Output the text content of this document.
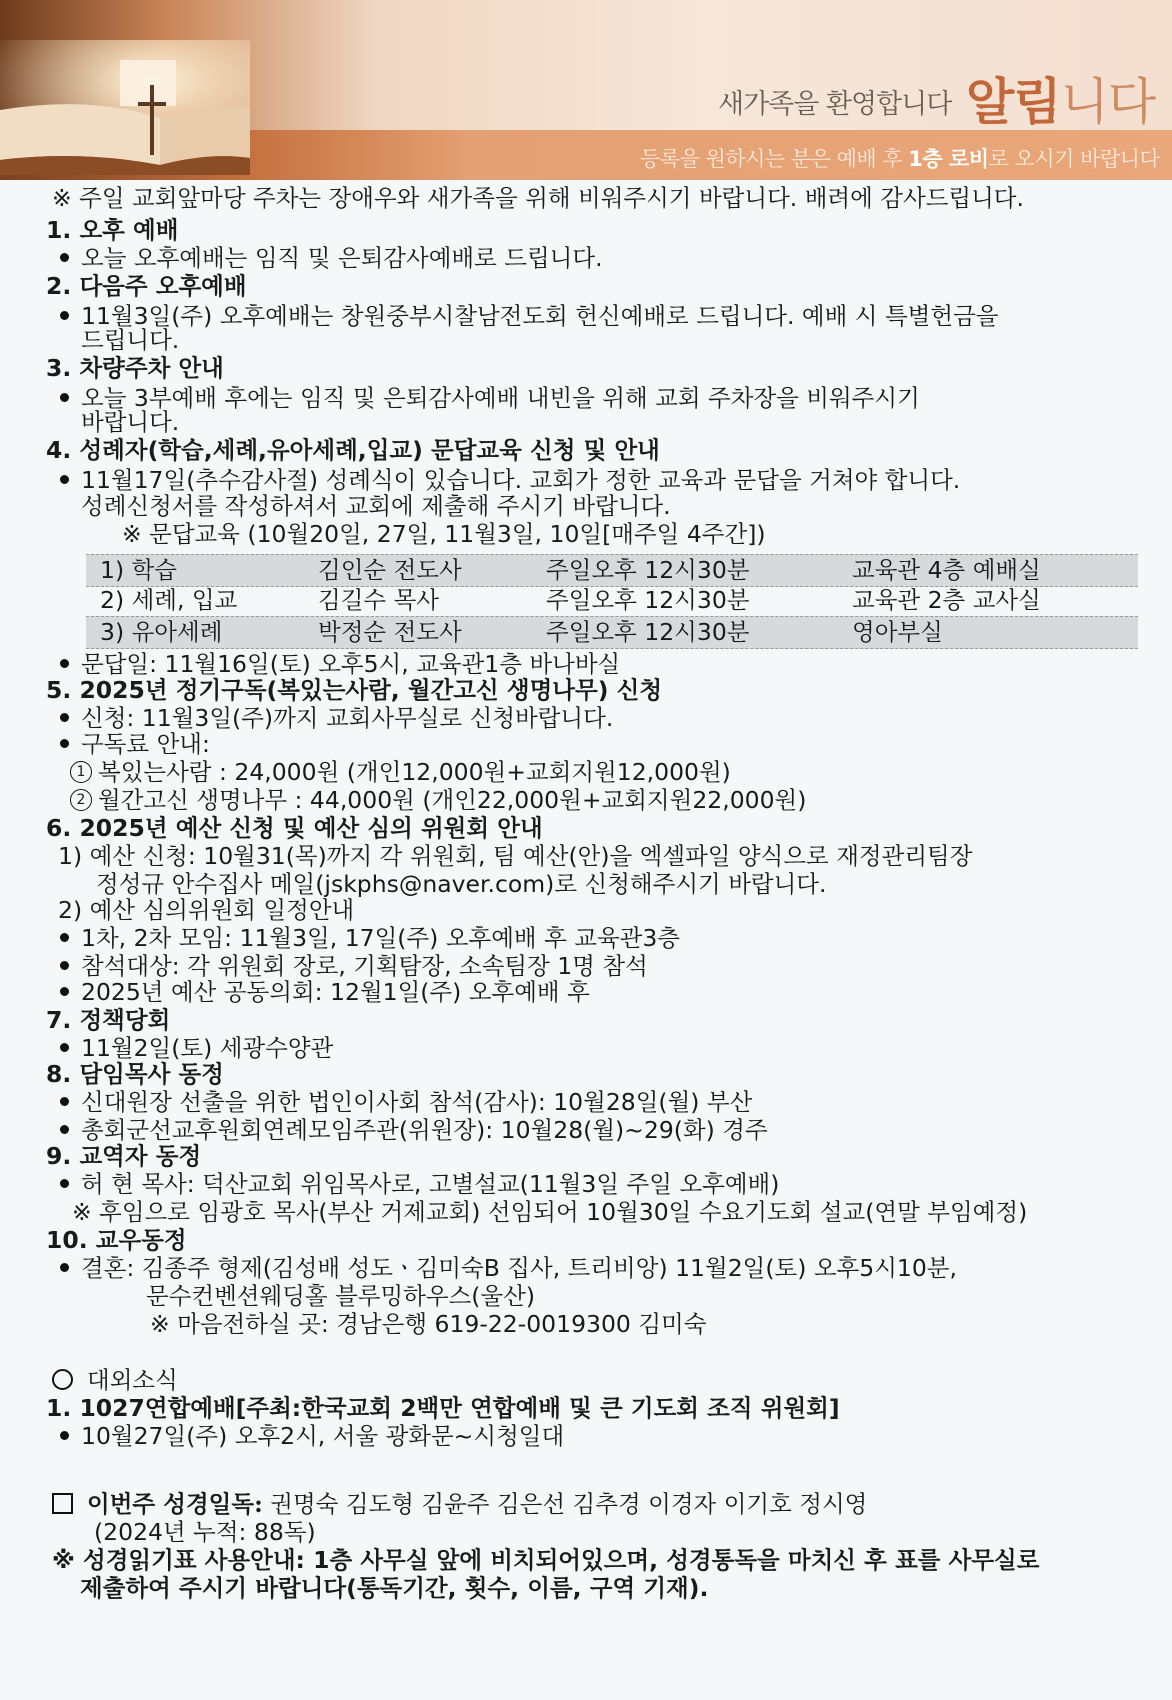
새가족을 환영합니다 알림니다
등록을 원하시는 분은 예배 후 1층 로비로 오시기 바랍니다
※ 주일 교회앞마당 주차는 장애우와 새가족을 위해 비워주시기 바랍니다. 배려에 감사드립니다.
1. 오후 예배
오늘 오후예배는 임직 및 은퇴감사예배로 드립니다.
2. 다음주 오후예배
11월3일(주) 오후예배는 창원중부시찰남전도회 헌신예배로 드립니다. 예배 시 특별헌금을
드립니다.
3. 차량주차 안내
오늘 3부예배 후에는 임직 및 은퇴감사예배 내빈을 위해 교회 주차장을 비워주시기
바랍니다.
4. 성례자(학습,세례,유아세례,입교) 문답교육 신청 및 안내
11월17일(추수감사절) 성례식이 있습니다. 교회가 정한 교육과 문답을 거쳐야 합니다.
성례신청서를 작성하셔서 교회에 제출해 주시기 바랍니다.
※ 문답교육 (10월20일, 27일, 11월3일, 10일[매주일 4주간])
1) 학습	김인순 전도사	주일오후 12시30분	교육관 4층 예배실
2) 세례, 입교	김길수 목사	주일오후 12시30분	교육관 2층 교사실
3) 유아세례	박정순 전도사	주일오후 12시30분	영아부실
문답일: 11월16일(토) 오후5시, 교육관1층 바나바실
5. 2025년 정기구독(복있는사람, 월간고신 생명나무) 신청
신청: 11월3일(주)까지 교회사무실로 신청바랍니다.
구독료 안내:
1 복있는사람 : 24,000원 (개인12,000원+교회지원12,000원)
2 월간고신 생명나무 : 44,000원 (개인22,000원+교회지원22,000원)
6. 2025년 예산 신청 및 예산 심의 위원회 안내
1) 예산 신청: 10월31(목)까지 각 위원회, 팀 예산(안)을 엑셀파일 양식으로 재정관리팀장
정성규 안수집사 메일(jskphs@naver.com)로 신청해주시기 바랍니다.
2) 예산 심의위원회 일정안내
1차, 2차 모임: 11월3일, 17일(주) 오후예배 후 교육관3층
참석대상: 각 위원회 장로, 기획탐장, 소속팀장 1명 참석
2025년 예산 공동의회: 12월1일(주) 오후예배 후
7. 정책당회
11월2일(토) 세광수양관
8. 담임목사 동정
신대원장 선출을 위한 법인이사회 참석(감사): 10월28일(월) 부산
총회군선교후원회연례모임주관(위원장): 10월28(월)~29(화) 경주
9. 교역자 동정
허 현 목사: 덕산교회 위임목사로, 고별설교(11월3일 주일 오후예배)
※ 후임으로 임광호 목사(부산 거제교회) 선임되어 10월30일 수요기도회 설교(연말 부임예정)
10. 교우동정
결혼: 김종주 형제(김성배 성도ㆍ김미숙B 집사, 트리비앙) 11월2일(토) 오후5시10분,
문수컨벤션웨딩홀 블루밍하우스(울산)
※ 마음전하실 곳: 경남은행 619-22-0019300 김미숙
대외소식
1. 1027연합예배[주최:한국교회 2백만 연합예배 및 큰 기도회 조직 위원회]
10월27일(주) 오후2시, 서울 광화문~시청일대
이번주 성경일독: 권명숙 김도형 김윤주 김은선 김추경 이경자 이기호 정시영
(2024년 누적: 88독)
※ 성경읽기표 사용안내: 1층 사무실 앞에 비치되어있으며, 성경통독을 마치신 후 표를 사무실로
제출하여 주시기 바랍니다(통독기간, 횟수, 이름, 구역 기재).
